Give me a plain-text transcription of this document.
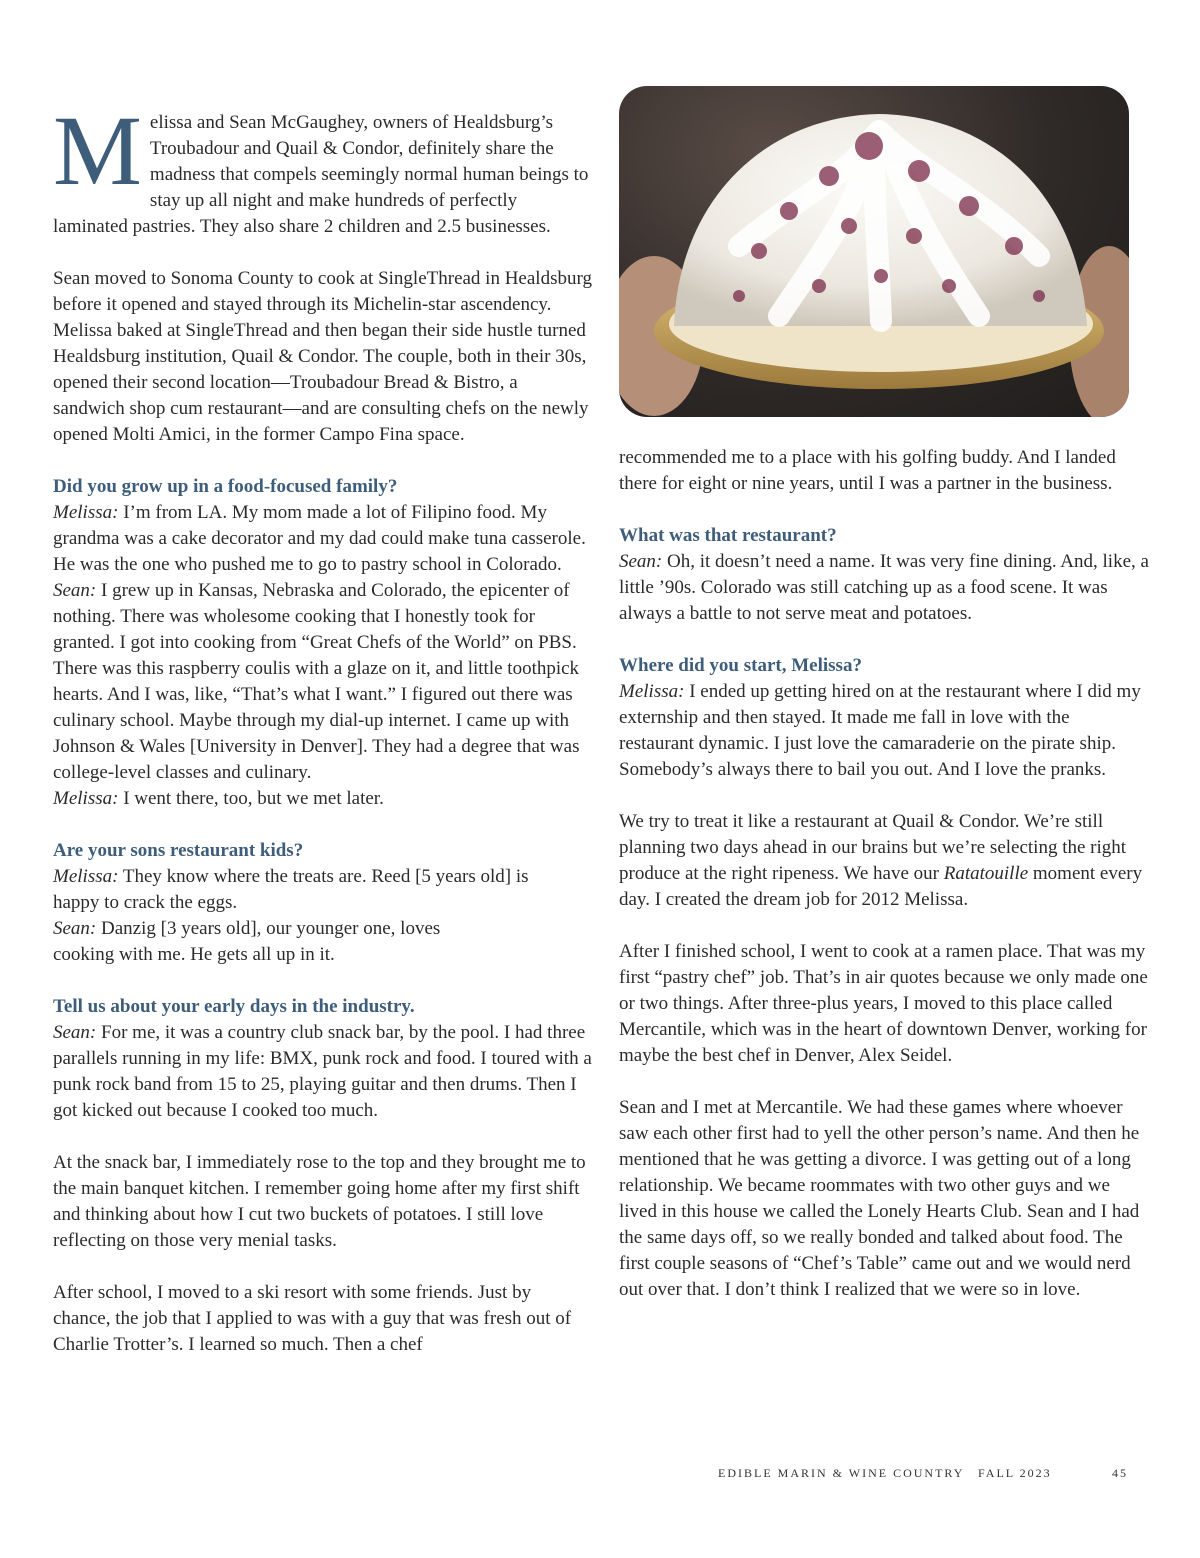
Melissa and Sean McGaughey, owners of Healdsburg’s Troubadour and Quail & Condor, definitely share the madness that compels seemingly normal human beings to stay up all night and make hundreds of perfectly laminated pastries. They also share 2 children and 2.5 businesses.

Sean moved to Sonoma County to cook at SingleThread in Healdsburg before it opened and stayed through its Michelin-star ascendency. Melissa baked at SingleThread and then began their side hustle turned Healdsburg institution, Quail & Condor. The couple, both in their 30s, opened their second location—Troubadour Bread & Bistro, a sandwich shop cum restaurant—and are consulting chefs on the newly opened Molti Amici, in the former Campo Fina space.

Did you grow up in a food-focused family?
Melissa: I’m from LA. My mom made a lot of Filipino food. My grandma was a cake decorator and my dad could make tuna casserole. He was the one who pushed me to go to pastry school in Colorado.
Sean: I grew up in Kansas, Nebraska and Colorado, the epicenter of nothing. There was wholesome cooking that I honestly took for granted. I got into cooking from “Great Chefs of the World” on PBS. There was this raspberry coulis with a glaze on it, and little toothpick hearts. And I was, like, “That’s what I want.” I figured out there was culinary school. Maybe through my dial-up internet. I came up with Johnson & Wales [University in Denver]. They had a degree that was college-level classes and culinary.
Melissa: I went there, too, but we met later.
Are your sons restaurant kids?
Melissa: They know where the treats are. Reed [5 years old] is happy to crack the eggs.
Sean: Danzig [3 years old], our younger one, loves cooking with me. He gets all up in it.
Tell us about your early days in the industry.
Sean: For me, it was a country club snack bar, by the pool. I had three parallels running in my life: BMX, punk rock and food. I toured with a punk rock band from 15 to 25, playing guitar and then drums. Then I got kicked out because I cooked too much.

At the snack bar, I immediately rose to the top and they brought me to the main banquet kitchen. I remember going home after my first shift and thinking about how I cut two buckets of potatoes. I still love reflecting on those very menial tasks.

After school, I moved to a ski resort with some friends. Just by chance, the job that I applied to was with a guy that was fresh out of Charlie Trotter’s. I learned so much. Then a chef

recommended me to a place with his golfing buddy. And I landed there for eight or nine years, until I was a partner in the business.

What was that restaurant?
Sean: Oh, it doesn’t need a name. It was very fine dining. And, like, a little ’90s. Colorado was still catching up as a food scene. It was always a battle to not serve meat and potatoes.
Where did you start, Melissa?
Melissa: I ended up getting hired on at the restaurant where I did my externship and then stayed. It made me fall in love with the restaurant dynamic. I just love the camaraderie on the pirate ship. Somebody’s always there to bail you out. And I love the pranks.

We try to treat it like a restaurant at Quail & Condor. We’re still planning two days ahead in our brains but we’re selecting the right produce at the right ripeness. We have our Ratatouille moment every day. I created the dream job for 2012 Melissa.

After I finished school, I went to cook at a ramen place. That was my first “pastry chef” job. That’s in air quotes because we only made one or two things. After three-plus years, I moved to this place called Mercantile, which was in the heart of downtown Denver, working for maybe the best chef in Denver, Alex Seidel.

Sean and I met at Mercantile. We had these games where whoever saw each other first had to yell the other person’s name. And then he mentioned that he was getting a divorce. I was getting out of a long relationship. We became roommates with two other guys and we lived in this house we called the Lonely Hearts Club. Sean and I had the same days off, so we really bonded and talked about food. The first couple seasons of “Chef’s Table” came out and we would nerd out over that. I don’t think I realized that we were so in love.

EDIBLE MARIN & WINE COUNTRY FALL 2023	45
